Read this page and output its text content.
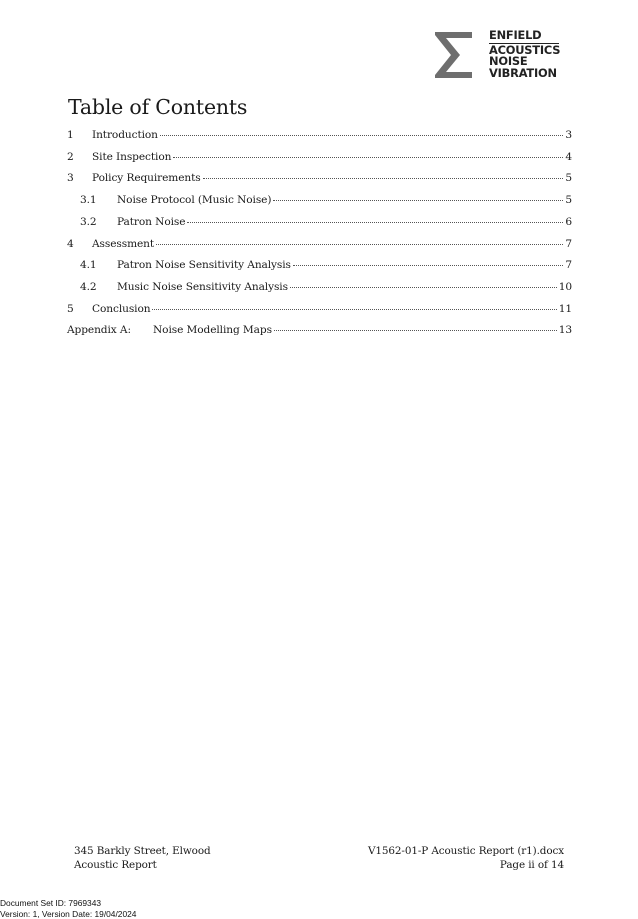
ENFIELD
ACOUSTICS
NOISE
VIBRATION
Table of Contents
1	Introduction	3
2	Site Inspection	4
3	Policy Requirements	5
3.1	Noise Protocol (Music Noise)	5
3.2	Patron Noise	6
4	Assessment	7
4.1	Patron Noise Sensitivity Analysis	7
4.2	Music Noise Sensitivity Analysis	10
5	Conclusion	11
Appendix A:	Noise Modelling Maps	13
345 Barkly Street, Elwood
Acoustic Report
V1562-01-P Acoustic Report (r1).docx
Page ii of 14
Document Set ID: 7969343
Version: 1, Version Date: 19/04/2024
